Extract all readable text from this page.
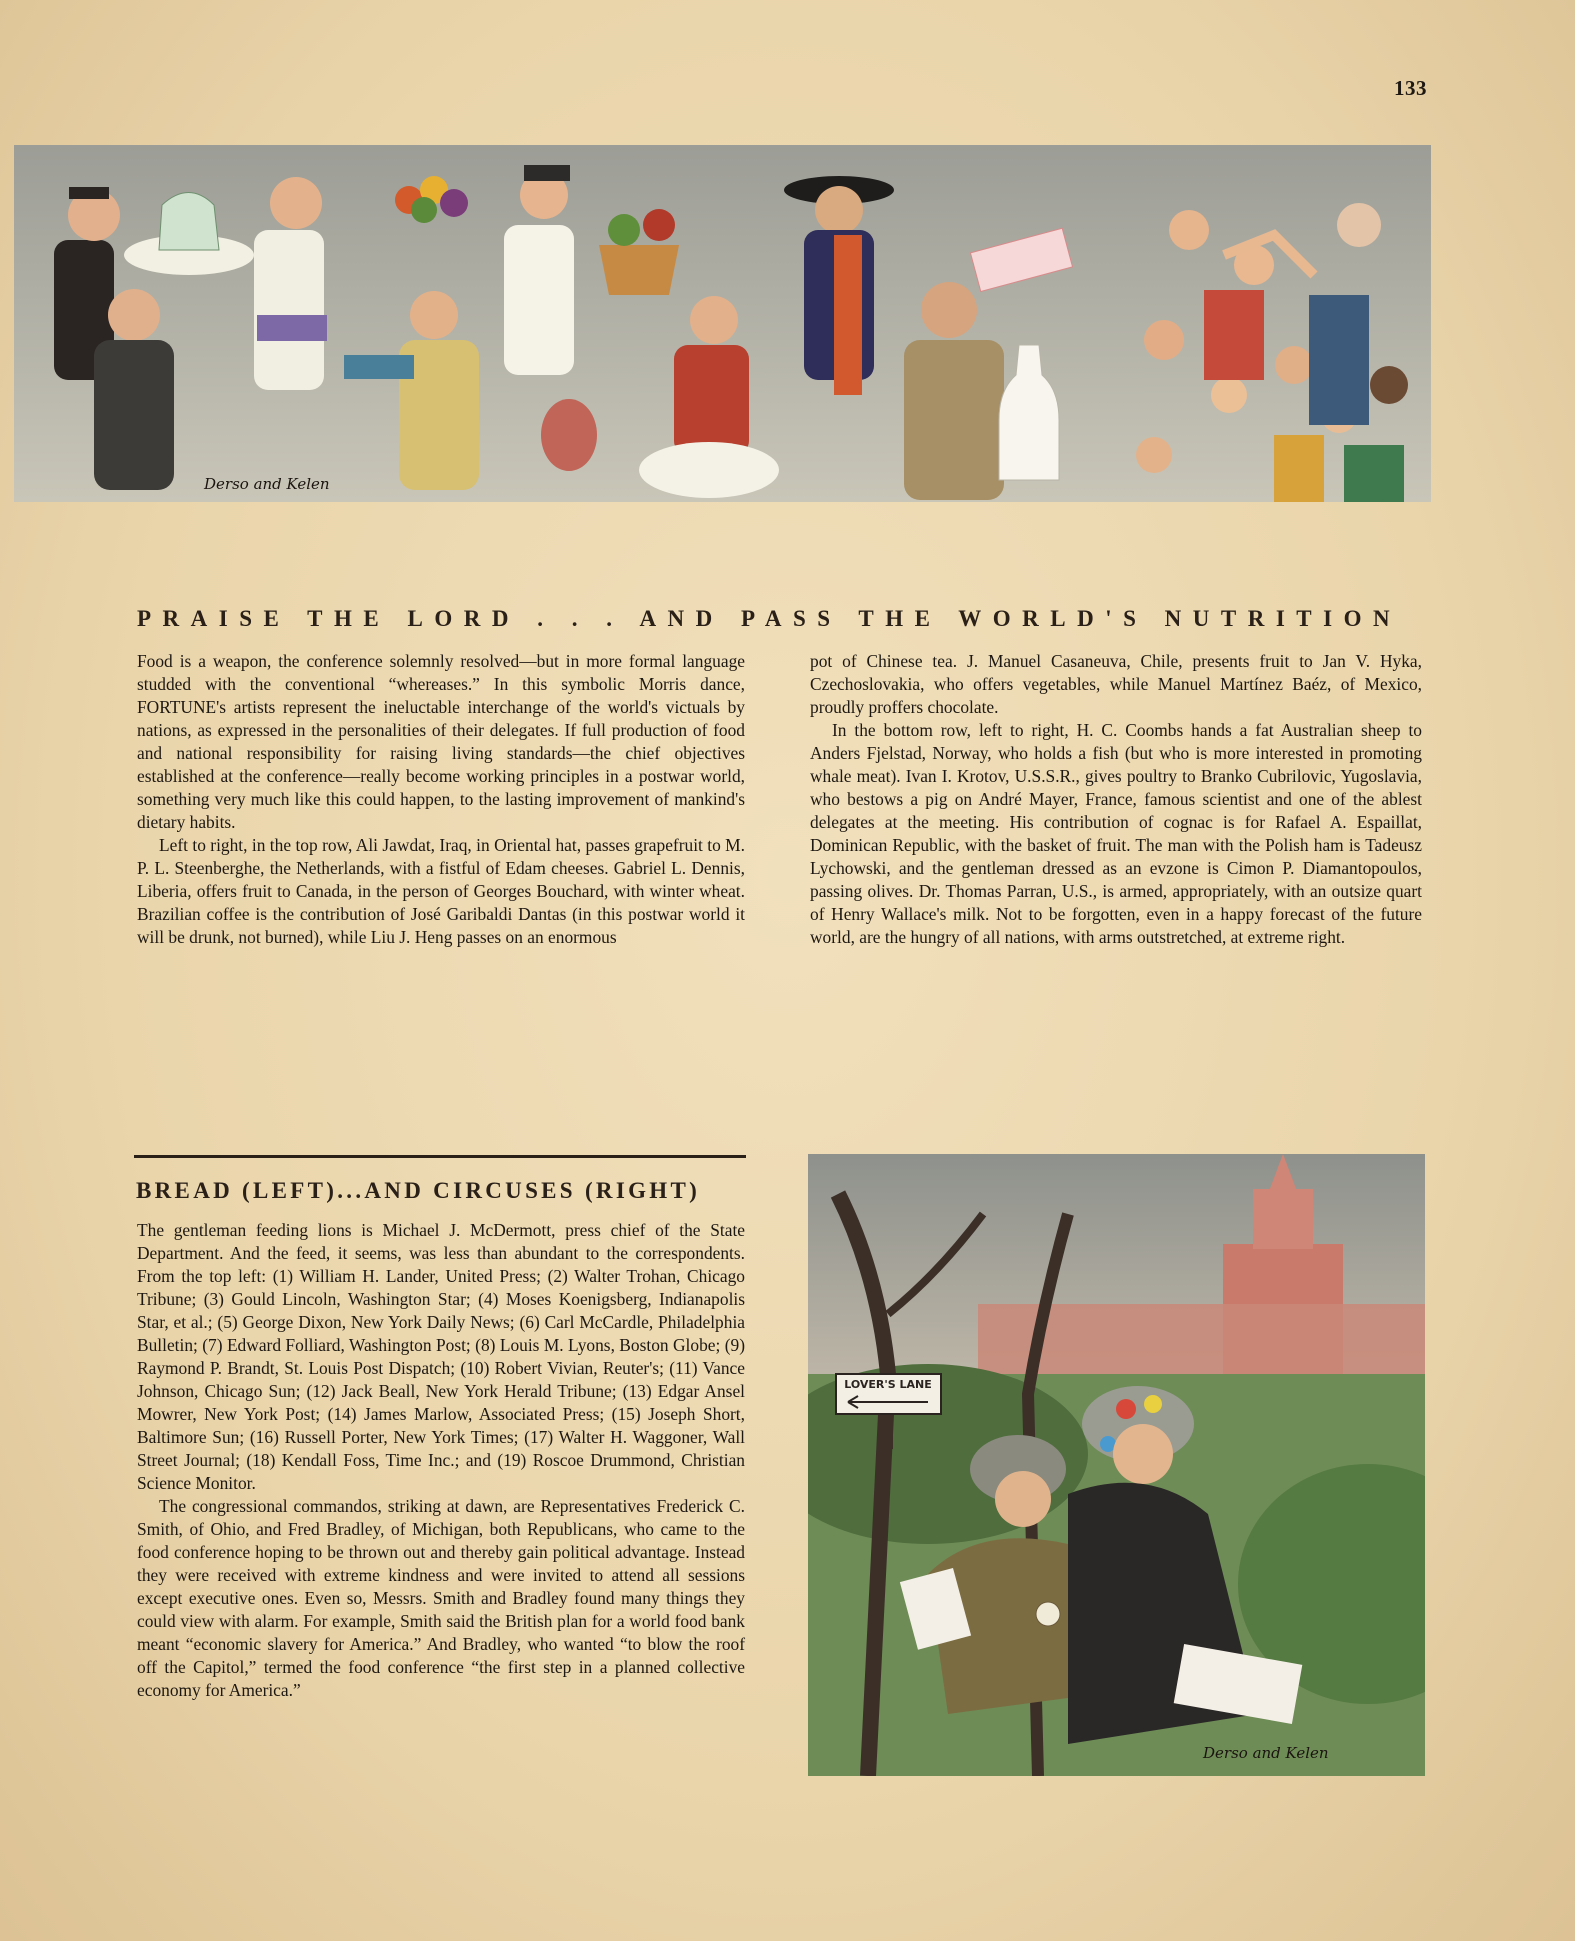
133
Derso and Kelen
PRAISE THE LORD . . . AND PASS THE WORLD'S NUTRITION

Food is a weapon, the conference solemnly resolved—but in more formal language studded with the conventional “whereases.” In this symbolic Morris dance, FORTUNE's artists represent the ineluctable interchange of the world's victuals by nations, as expressed in the personalities of their delegates. If full production of food and national responsibility for raising living standards—the chief objectives established at the conference—really become working principles in a postwar world, something very much like this could happen, to the lasting improvement of mankind's dietary habits.

Left to right, in the top row, Ali Jawdat, Iraq, in Oriental hat, passes grapefruit to M. P. L. Steenberghe, the Netherlands, with a fistful of Edam cheeses. Gabriel L. Dennis, Liberia, offers fruit to Canada, in the person of Georges Bouchard, with winter wheat. Brazilian coffee is the contribution of José Garibaldi Dantas (in this postwar world it will be drunk, not burned), while Liu J. Heng passes on an enormous

pot of Chinese tea. J. Manuel Casaneuva, Chile, presents fruit to Jan V. Hyka, Czechoslovakia, who offers vegetables, while Manuel Martínez Baéz, of Mexico, proudly proffers chocolate.

In the bottom row, left to right, H. C. Coombs hands a fat Australian sheep to Anders Fjelstad, Norway, who holds a fish (but who is more interested in promoting whale meat). Ivan I. Krotov, U.S.S.R., gives poultry to Branko Cubrilovic, Yugoslavia, who bestows a pig on André Mayer, France, famous scientist and one of the ablest delegates at the meeting. His contribution of cognac is for Rafael A. Espaillat, Dominican Republic, with the basket of fruit. The man with the Polish ham is Tadeusz Lychowski, and the gentleman dressed as an evzone is Cimon P. Diamantopoulos, passing olives. Dr. Thomas Parran, U.S., is armed, appropriately, with an outsize quart of Henry Wallace's milk. Not to be forgotten, even in a happy forecast of the future world, are the hungry of all nations, with arms outstretched, at extreme right.

BREAD (LEFT)...AND CIRCUSES (RIGHT)

The gentleman feeding lions is Michael J. McDermott, press chief of the State Department. And the feed, it seems, was less than abundant to the correspondents. From the top left: (1) William H. Lander, United Press; (2) Walter Trohan, Chicago Tribune; (3) Gould Lincoln, Washington Star; (4) Moses Koenigsberg, Indianapolis Star, et al.; (5) George Dixon, New York Daily News; (6) Carl McCardle, Philadelphia Bulletin; (7) Edward Folliard, Washington Post; (8) Louis M. Lyons, Boston Globe; (9) Raymond P. Brandt, St. Louis Post Dispatch; (10) Robert Vivian, Reuter's; (11) Vance Johnson, Chicago Sun; (12) Jack Beall, New York Herald Tribune; (13) Edgar Ansel Mowrer, New York Post; (14) James Marlow, Associated Press; (15) Joseph Short, Baltimore Sun; (16) Russell Porter, New York Times; (17) Walter H. Waggoner, Wall Street Journal; (18) Kendall Foss, Time Inc.; and (19) Roscoe Drummond, Christian Science Monitor.

The congressional commandos, striking at dawn, are Representatives Frederick C. Smith, of Ohio, and Fred Bradley, of Michigan, both Republicans, who came to the food conference hoping to be thrown out and thereby gain political advantage. Instead they were received with extreme kindness and were invited to attend all sessions except executive ones. Even so, Messrs. Smith and Bradley found many things they could view with alarm. For example, Smith said the British plan for a world food bank meant “economic slavery for America.” And Bradley, who wanted “to blow the roof off the Capitol,” termed the food conference “the first step in a planned collective economy for America.”

LOVER'S LANE
Derso and Kelen
